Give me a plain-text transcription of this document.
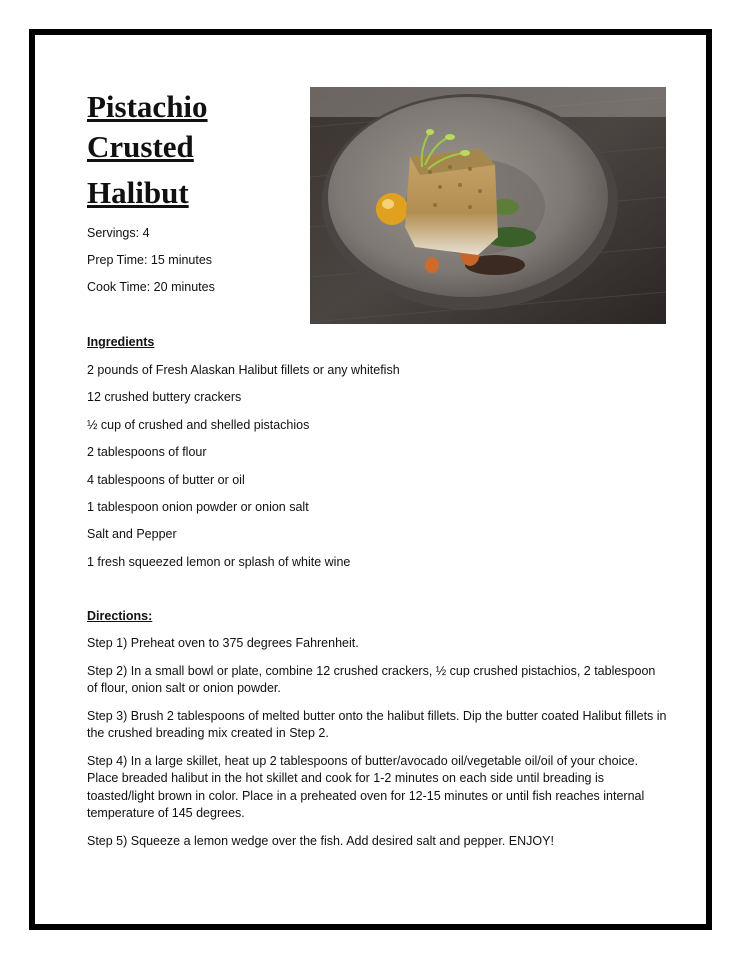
Pistachio
Crusted
Halibut
Servings: 4
Prep Time: 15 minutes
Cook Time: 20 minutes
Ingredients
2 pounds of Fresh Alaskan Halibut fillets or any whitefish
12 crushed buttery crackers
½ cup of crushed and shelled pistachios
2 tablespoons of flour
4 tablespoons of butter or oil
1 tablespoon onion powder or onion salt
Salt and Pepper
1 fresh squeezed lemon or splash of white wine
Directions:
Step 1) Preheat oven to 375 degrees Fahrenheit.
Step 2) In a small bowl or plate, combine 12 crushed crackers, ½ cup crushed pistachios, 2 tablespoon of flour, onion salt or onion powder.
Step 3) Brush 2 tablespoons of melted butter onto the halibut fillets. Dip the butter coated Halibut fillets in the crushed breading mix created in Step 2.
Step 4) In a large skillet, heat up 2 tablespoons of butter/avocado oil/vegetable oil/oil of your choice. Place breaded halibut in the hot skillet and cook for 1-2 minutes on each side until breading is toasted/light brown in color. Place in a preheated oven for 12-15 minutes or until fish reaches internal temperature of 145 degrees.
Step 5) Squeeze a lemon wedge over the fish. Add desired salt and pepper. ENJOY!
